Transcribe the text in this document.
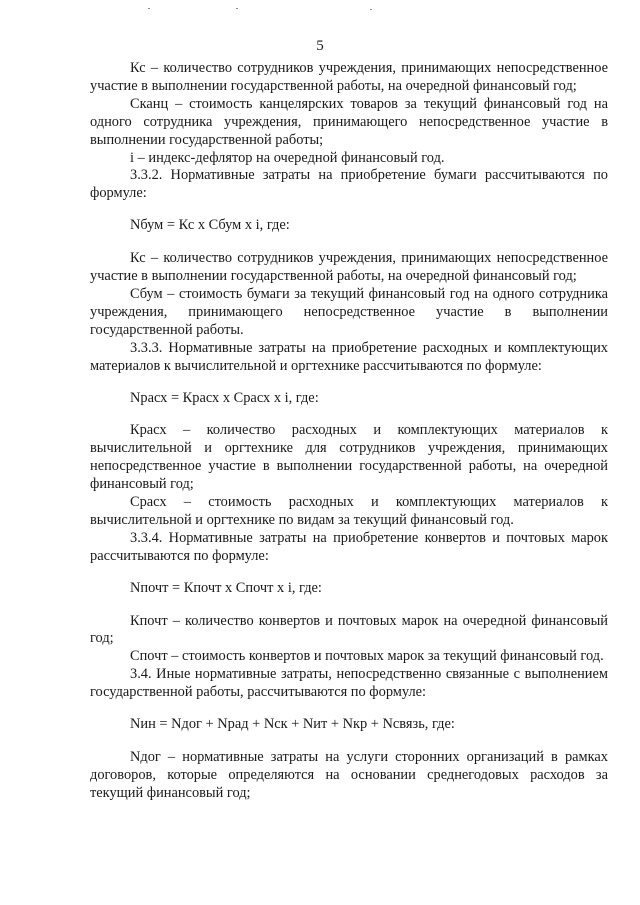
5

Кс – количество сотрудников учреждения, принимающих непосредственное участие в выполнении государственной работы, на очередной финансовый год;

Сканц – стоимость канцелярских товаров за текущий финансовый год на одного сотрудника учреждения, принимающего непосредственное участие в выполнении государственной работы;

i – индекс-дефлятор на очередной финансовый год.

3.3.2. Нормативные затраты на приобретение бумаги рассчитываются по формуле:

Nбум = Кс х Сбум х i, где:

Кс – количество сотрудников учреждения, принимающих непосредственное участие в выполнении государственной работы, на очередной финансовый год;

Сбум – стоимость бумаги за текущий финансовый год на одного сотрудника учреждения, принимающего непосредственное участие в выполнении государственной работы.

3.3.3. Нормативные затраты на приобретение расходных и комплектующих материалов к вычислительной и оргтехнике рассчитываются по формуле:

Nрасх = Красх х Срасх х i, где:

Красх – количество расходных и комплектующих материалов к вычислительной и оргтехнике для сотрудников учреждения, принимающих непосредственное участие в выполнении государственной работы, на очередной финансовый год;

Срасх – стоимость расходных и комплектующих материалов к вычислительной и оргтехнике по видам за текущий финансовый год.

3.3.4. Нормативные затраты на приобретение конвертов и почтовых марок рассчитываются по формуле:

Nпочт = Кпочт х Спочт х i, где:

Кпочт – количество конвертов и почтовых марок на очередной финансовый год;

Спочт – стоимость конвертов и почтовых марок за текущий финансовый год.

3.4. Иные нормативные затраты, непосредственно связанные с выполнением государственной работы, рассчитываются по формуле:

Nин = Nдог + Nрад + Nск + Nит + Nкр + Nсвязь, где:

Nдог – нормативные затраты на услуги сторонних организаций в рамках договоров, которые определяются на основании среднегодовых расходов за текущий финансовый год;
